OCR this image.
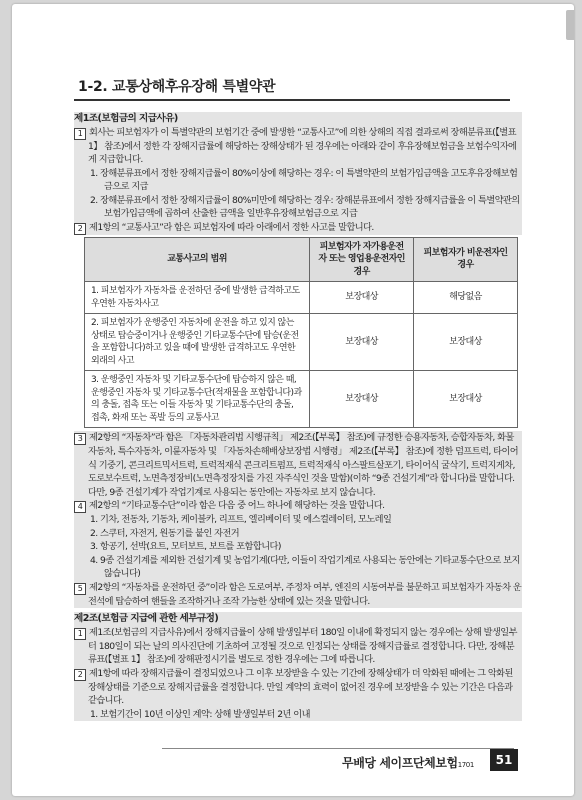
1-2. 교통상해후유장해 특별약관
제1조(보험금의 지급사유)

1 회사는 피보험자가 이 특별약관의 보험기간 중에 발생한 “교통사고”에 의한 상해의 직접 결과로써 장해분류표(【별표 1】 참조)에서 정한 각 장해지급률에 해당하는 장해상태가 된 경우에는 아래와 같이 후유장해보험금을 보험수익자에게 지급합니다.

1. 장해분류표에서 정한 장해지급률이 80%이상에 해당하는 경우: 이 특별약관의 보험가입금액을 고도후유장해보험금으로 지급

2. 장해분류표에서 정한 장해지급률이 80%미만에 해당하는 경우: 장해분류표에서 정한 장해지급률을 이 특별약관의 보험가입금액에 곱하여 산출한 금액을 일반후유장해보험금으로 지급

2 제1항의 “교통사고”라 함은 피보험자에 따라 아래에서 정한 사고를 말합니다.

교통사고의 범위	피보험자가 자가용운전자 또는 영업용운전자인 경우	피보험자가 비운전자인 경우
1. 피보험자가 자동차를 운전하던 중에 발생한 급격하고도 우연한 자동차사고	보장대상	해당없음
2. 피보험자가 운행중인 자동차에 운전을 하고 있지 않는 상태로 탑승중이거나 운행중인 기타교통수단에 탑승(운전을 포함합니다)하고 있을 때에 발생한 급격하고도 우연한 외래의 사고	보장대상	보장대상
3. 운행중인 자동차 및 기타교통수단에 탑승하지 않은 때, 운행중인 자동차 및 기타교통수단(적재물을 포함합니다)과의 충돌, 접촉 또는 이들 자동차 및 기타교통수단의 충돌, 접촉, 화재 또는 폭발 등의 교통사고	보장대상	보장대상

3 제2항의 “자동차”라 함은 「자동차관리법 시행규칙」 제2조(【부록】 참조)에 규정한 승용자동차, 승합자동차, 화물자동차, 특수자동차, 이륜자동차 및 「자동차손해배상보장법 시행령」 제2조(【부록】 참조)에 정한 덤프트럭, 타이어식 기중기, 콘크리트믹서트럭, 트럭적재식 콘크리트펌프, 트럭적재식 아스팔트살포기, 타이어식 굴삭기, 트럭지게차, 도로보수트럭, 노면측정장비(노면측정장치를 가진 자주식인 것을 말함)(이하 “9종 건설기계”라 합니다)를 말합니다. 다만, 9종 건설기계가 작업기계로 사용되는 동안에는 자동차로 보지 않습니다.

4 제2항의 “기타교통수단”이라 함은 다음 중 어느 하나에 해당하는 것을 말합니다.

1. 기차, 전동차, 기동차, 케이블카, 리프트, 엘리베이터 및 에스컬레이터, 모노레일

2. 스쿠터, 자전거, 원동기를 붙인 자전거

3. 항공기, 선박(요트, 모터보트, 보트를 포함합니다)

4. 9종 건설기계를 제외한 건설기계 및 농업기계(다만, 이들이 작업기계로 사용되는 동안에는 기타교통수단으로 보지 않습니다)

5 제2항의 “자동차를 운전하던 중”이라 함은 도로여부, 주정차 여부, 엔진의 시동여부를 불문하고 피보험자가 자동차 운전석에 탑승하여 핸들을 조작하거나 조작 가능한 상태에 있는 것을 말합니다.

제2조(보험금 지급에 관한 세부규정)

1 제1조(보험금의 지급사유)에서 장해지급률이 상해 발생일부터 180일 이내에 확정되지 않는 경우에는 상해 발생일부터 180일이 되는 날의 의사진단에 기초하여 고정될 것으로 인정되는 상태를 장해지급률로 결정합니다. 다만, 장해분류표(【별표 1】 참조)에 장해판정시기를 별도로 정한 경우에는 그에 따릅니다.

2 제1항에 따라 장해지급률이 결정되었으나 그 이후 보장받을 수 있는 기간에 장해상태가 더 악화된 때에는 그 악화된 장해상태를 기준으로 장해지급률을 결정합니다. 만일 계약의 효력이 없어진 경우에 보장받을 수 있는 기간은 다음과 같습니다.

1. 보험기간이 10년 이상인 계약: 상해 발생일부터 2년 이내

무배당 세이프단체보험1701	51
